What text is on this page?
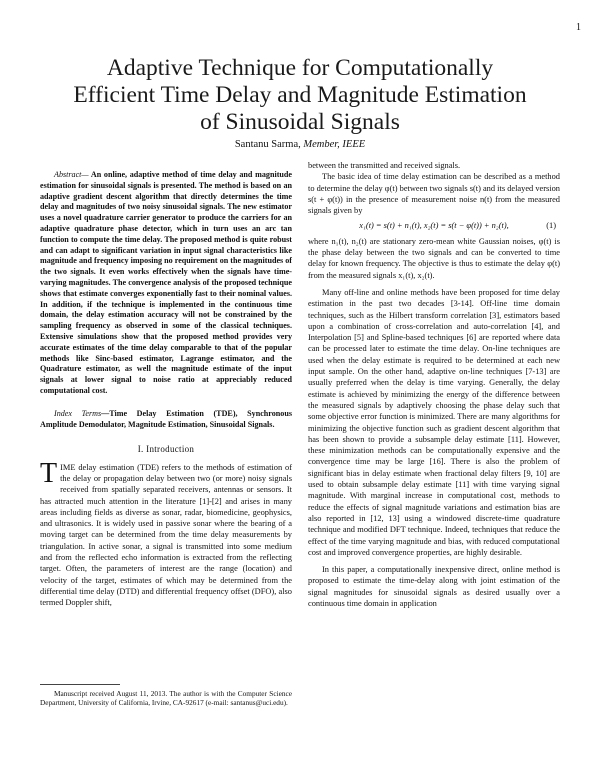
1
Adaptive Technique for Computationally
Efficient Time Delay and Magnitude Estimation
of Sinusoidal Signals
Santanu Sarma, Member, IEEE

Abstract— An online, adaptive method of time delay and magnitude estimation for sinusoidal signals is presented. The method is based on an adaptive gradient descent algorithm that directly determines the time delay and magnitudes of two noisy sinusoidal signals. The new estimator uses a novel quadrature carrier generator to produce the carriers for an adaptive quadrature phase detector, which in turn uses an arc tan function to compute the time delay. The proposed method is quite robust and can adapt to significant variation in input signal characteristics like magnitude and frequency imposing no requirement on the magnitudes of the two signals. It even works effectively when the signals have time-varying magnitudes. The convergence analysis of the proposed technique shows that estimate converges exponentially fast to their nominal values. In addition, if the technique is implemented in the continuous time domain, the delay estimation accuracy will not be constrained by the sampling frequency as observed in some of the classical techniques. Extensive simulations show that the proposed method provides very accurate estimates of the time delay comparable to that of the popular methods like Sinc-based estimator, Lagrange estimator, and the Quadrature estimator, as well the magnitude estimate of the input signals at lower signal to noise ratio at appreciably reduced computational cost.

Index Terms—Time Delay Estimation (TDE), Synchronous Amplitude Demodulator, Magnitude Estimation, Sinusoidal Signals.

I. Introduction

TIME delay estimation (TDE) refers to the methods of estimation of the delay or propagation delay between two (or more) noisy signals received from spatially separated receivers, antennas or sensors. It has attracted much attention in the literature [1]-[2] and arises in many areas including fields as diverse as sonar, radar, biomedicine, geophysics, and ultrasonics. It is widely used in passive sonar where the bearing of a moving target can be determined from the time delay measurements by triangulation. In active sonar, a signal is transmitted into some medium and from the reflected echo information is extracted from the reflecting target. Often, the parameters of interest are the range (location) and velocity of the target, estimates of which may be determined from the differential time delay (DTD) and differential frequency offset (DFO), also termed Doppler shift,

Manuscript received August 11, 2013. The author is with the Computer Science Department, University of California, Irvine, CA-92617 (e-mail: santanus@uci.edu).

between the transmitted and received signals.

The basic idea of time delay estimation can be described as a method to determine the delay φ(t) between two signals s(t) and its delayed version s(t + φ(t)) in the presence of measurement noise n(t) from the measured signals given by

x₁(t) = s(t) + n₁(t), x₂(t) = s(t − φ(t)) + n₂(t),	(1)

where n₁(t), n₂(t) are stationary zero-mean white Gaussian noises, φ(t) is the phase delay between the two signals and can be converted to time delay for known frequency. The objective is thus to estimate the delay φ(t) from the measured signals x₁(t), x₂(t).

Many off-line and online methods have been proposed for time delay estimation in the past two decades [3-14]. Off-line time domain techniques, such as the Hilbert transform correlation [3], estimators based upon a combination of cross-correlation and auto-correlation [4], and Interpolation [5] and Spline-based techniques [6] are reported where data can be processed later to estimate the time delay. On-line techniques are used when the delay estimate is required to be determined at each new input sample. On the other hand, adaptive on-line techniques [7-13] are usually preferred when the delay is time varying. Generally, the delay estimate is achieved by minimizing the energy of the difference between the measured signals by adaptively choosing the phase delay such that some objective error function is minimized. There are many algorithms for minimizing the objective function such as gradient descent algorithm that has been shown to provide a subsample delay estimate [11]. However, these minimization methods can be computationally expensive and the convergence time may be large [16]. There is also the problem of significant bias in delay estimate when fractional delay filters [9, 10] are used to obtain subsample delay estimate [11] with time varying signal magnitude. With marginal increase in computational cost, methods to reduce the effects of signal magnitude variations and estimation bias are also reported in [12, 13] using a windowed discrete-time quadrature technique and modified DFT technique. Indeed, techniques that reduce the effect of the time varying magnitude and bias, with reduced computational cost and improved convergence properties, are highly desirable.

In this paper, a computationally inexpensive direct, online method is proposed to estimate the time-delay along with joint estimation of the signal magnitudes for sinusoidal signals as desired usually over a continuous time domain in application
